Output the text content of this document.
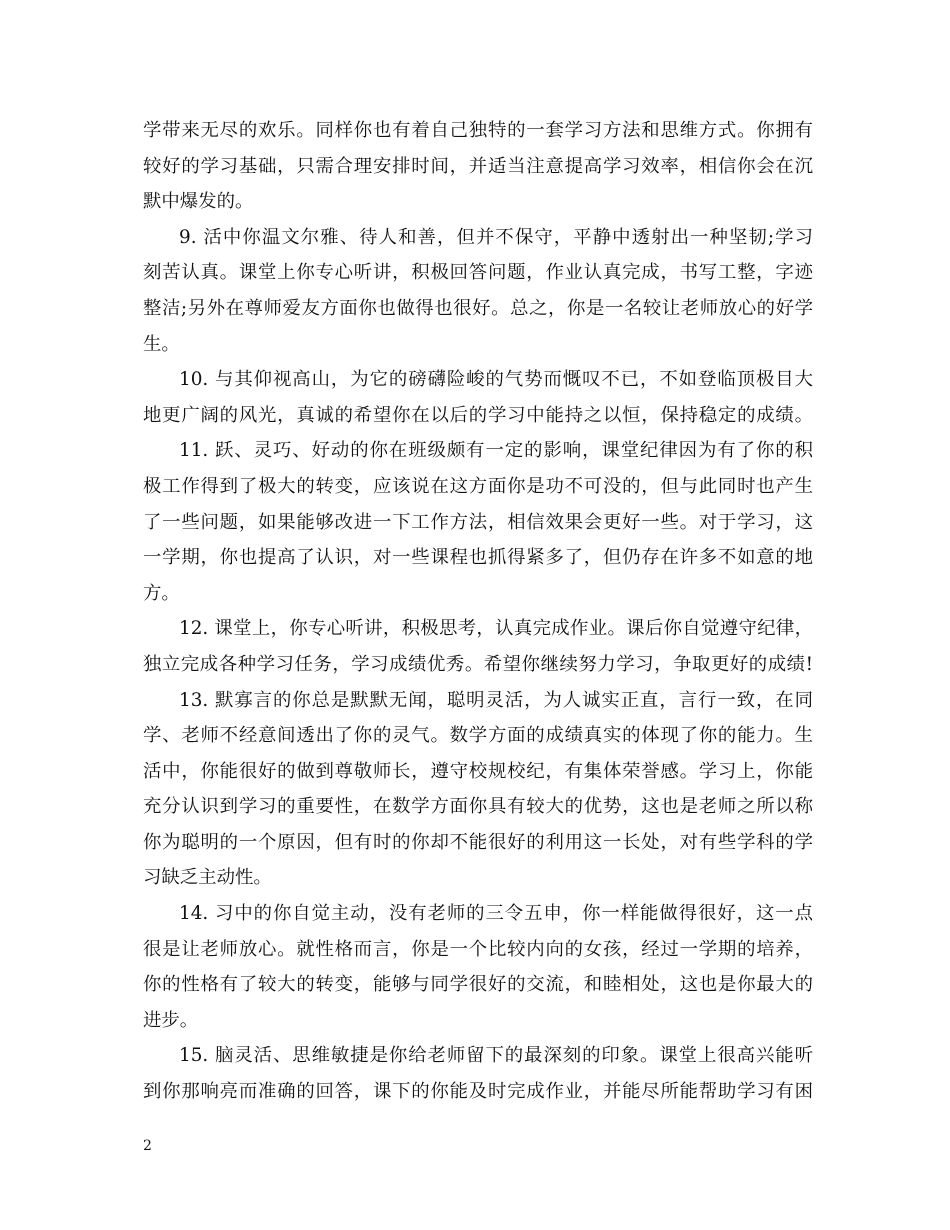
学带来无尽的欢乐。同样你也有着自己独特的一套学习方法和思维方式。你拥有
较好的学习基础，只需合理安排时间，并适当注意提高学习效率，相信你会在沉
默中爆发的。
9. 活中你温文尔雅、待人和善，但并不保守，平静中透射出一种坚韧;学习
刻苦认真。课堂上你专心听讲，积极回答问题，作业认真完成，书写工整，字迹
整洁;另外在尊师爱友方面你也做得也很好。总之，你是一名较让老师放心的好学
生。
10. 与其仰视高山，为它的磅礴险峻的气势而慨叹不已，不如登临顶极目大
地更广阔的风光，真诚的希望你在以后的学习中能持之以恒，保持稳定的成绩。
11. 跃、灵巧、好动的你在班级颇有一定的影响，课堂纪律因为有了你的积
极工作得到了极大的转变，应该说在这方面你是功不可没的，但与此同时也产生
了一些问题，如果能够改进一下工作方法，相信效果会更好一些。对于学习，这
一学期，你也提高了认识，对一些课程也抓得紧多了，但仍存在许多不如意的地
方。
12. 课堂上，你专心听讲，积极思考，认真完成作业。课后你自觉遵守纪律，
独立完成各种学习任务，学习成绩优秀。希望你继续努力学习，争取更好的成绩!
13. 默寡言的你总是默默无闻，聪明灵活，为人诚实正直，言行一致，在同
学、老师不经意间透出了你的灵气。数学方面的成绩真实的体现了你的能力。生
活中，你能很好的做到尊敬师长，遵守校规校纪，有集体荣誉感。学习上，你能
充分认识到学习的重要性，在数学方面你具有较大的优势，这也是老师之所以称
你为聪明的一个原因，但有时的你却不能很好的利用这一长处，对有些学科的学
习缺乏主动性。
14. 习中的你自觉主动，没有老师的三令五申，你一样能做得很好，这一点
很是让老师放心。就性格而言，你是一个比较内向的女孩，经过一学期的培养，
你的性格有了较大的转变，能够与同学很好的交流，和睦相处，这也是你最大的
进步。
15. 脑灵活、思维敏捷是你给老师留下的最深刻的印象。课堂上很高兴能听
到你那响亮而准确的回答，课下的你能及时完成作业，并能尽所能帮助学习有困
2
